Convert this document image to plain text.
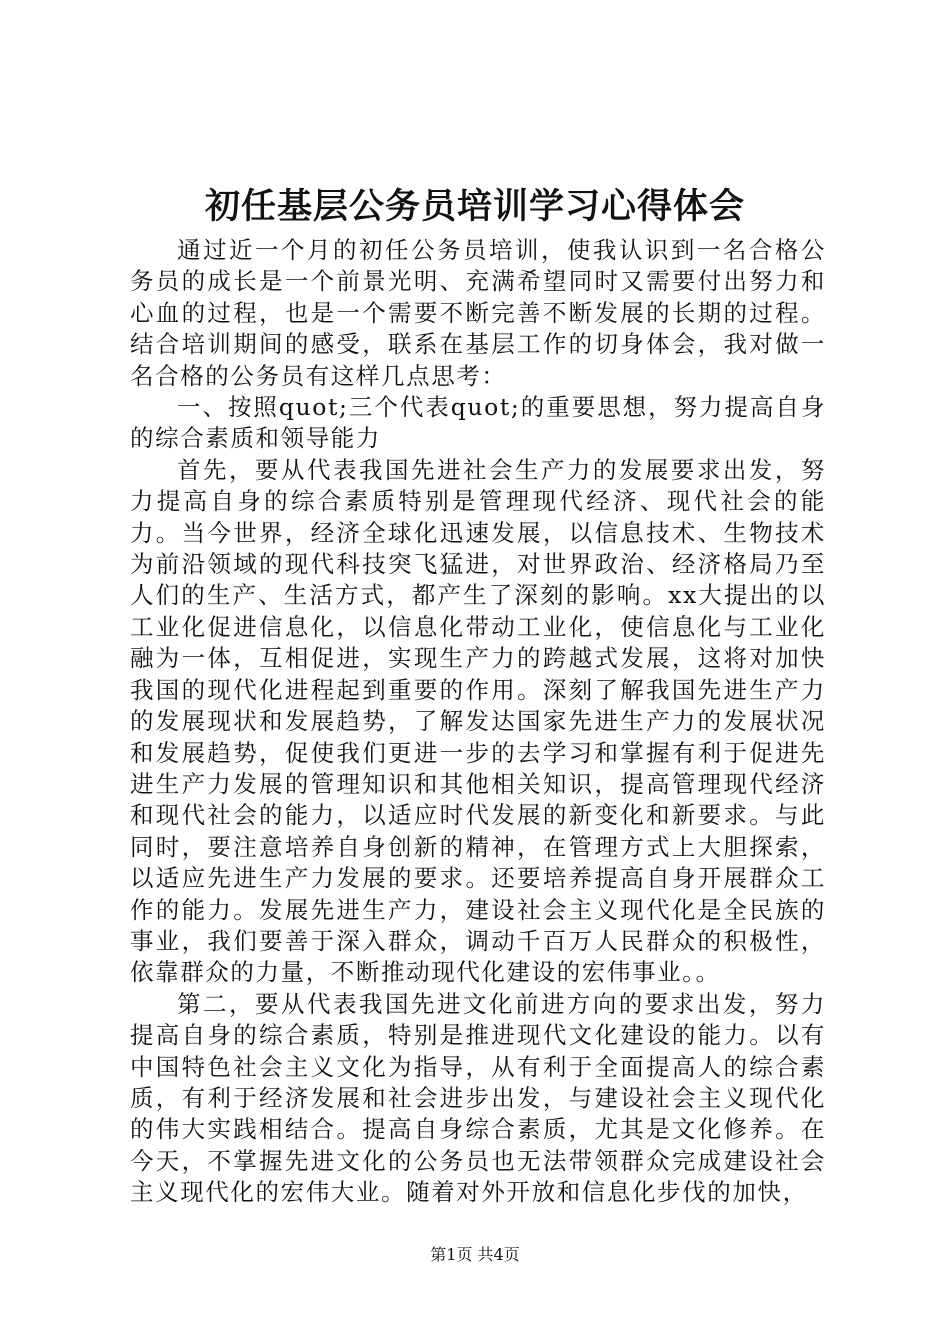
初任基层公务员培训学习心得体会

通过近一个月的初任公务员培训，使我认识到一名合格公务员的成长是一个前景光明、充满希望同时又需要付出努力和心血的过程，也是一个需要不断完善不断发展的长期的过程。结合培训期间的感受，联系在基层工作的切身体会，我对做一名合格的公务员有这样几点思考：

一、按照quot;三个代表quot;的重要思想，努力提高自身的综合素质和领导能力

首先，要从代表我国先进社会生产力的发展要求出发，努力提高自身的综合素质特别是管理现代经济、现代社会的能力。当今世界，经济全球化迅速发展，以信息技术、生物技术为前沿领域的现代科技突飞猛进，对世界政治、经济格局乃至人们的生产、生活方式，都产生了深刻的影响。xx大提出的以工业化促进信息化，以信息化带动工业化，使信息化与工业化融为一体，互相促进，实现生产力的跨越式发展，这将对加快我国的现代化进程起到重要的作用。深刻了解我国先进生产力的发展现状和发展趋势，了解发达国家先进生产力的发展状况和发展趋势，促使我们更进一步的去学习和掌握有利于促进先进生产力发展的管理知识和其他相关知识，提高管理现代经济和现代社会的能力，以适应时代发展的新变化和新要求。与此同时，要注意培养自身创新的精神，在管理方式上大胆探索，以适应先进生产力发展的要求。还要培养提高自身开展群众工作的能力。发展先进生产力，建设社会主义现代化是全民族的事业，我们要善于深入群众，调动千百万人民群众的积极性，依靠群众的力量，不断推动现代化建设的宏伟事业。。

第二，要从代表我国先进文化前进方向的要求出发，努力提高自身的综合素质，特别是推进现代文化建设的能力。以有中国特色社会主义文化为指导，从有利于全面提高人的综合素质，有利于经济发展和社会进步出发，与建设社会主义现代化的伟大实践相结合。提高自身综合素质，尤其是文化修养。在今天，不掌握先进文化的公务员也无法带领群众完成建设社会主义现代化的宏伟大业。随着对外开放和信息化步伐的加快，

第1页 共4页
